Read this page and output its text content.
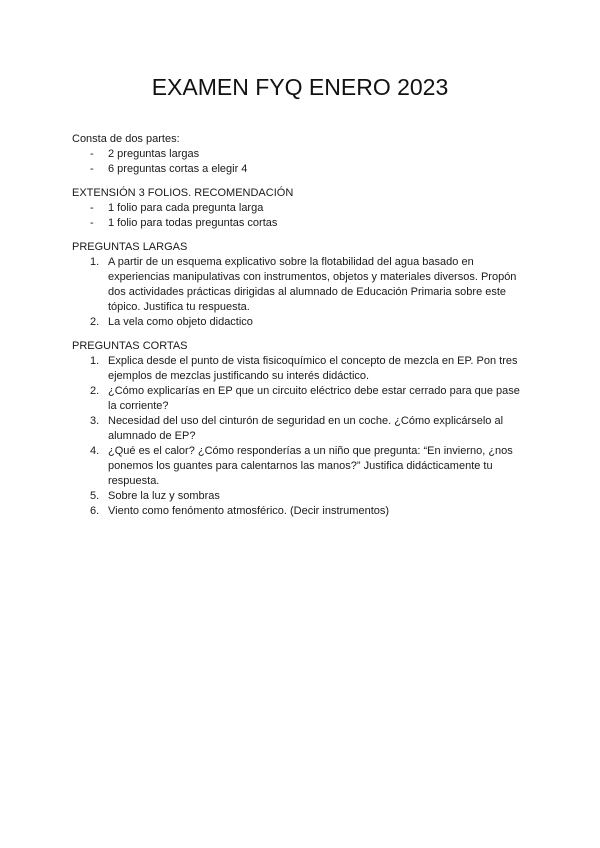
EXAMEN FYQ ENERO 2023

Consta de dos partes:

- 2 preguntas largas
- 6 preguntas cortas a elegir 4

EXTENSIÓN 3 FOLIOS. RECOMENDACIÓN

- 1 folio para cada pregunta larga
- 1 folio para todas preguntas cortas

PREGUNTAS LARGAS

1. A partir de un esquema explicativo sobre la flotabilidad del agua basado en experiencias manipulativas con instrumentos, objetos y materiales diversos. Propón dos actividades prácticas dirigidas al alumnado de Educación Primaria sobre este tópico. Justifica tu respuesta.
2. La vela como objeto didactico

PREGUNTAS CORTAS

1. Explica desde el punto de vista fisicoquímico el concepto de mezcla en EP. Pon tres ejemplos de mezclas justificando su interés didáctico.
2. ¿Cómo explicarías en EP que un circuito eléctrico debe estar cerrado para que pase la corriente?
3. Necesidad del uso del cinturón de seguridad en un coche. ¿Cómo explicárselo al alumnado de EP?
4. ¿Qué es el calor? ¿Cómo responderías a un niño que pregunta: “En invierno, ¿nos ponemos los guantes para calentarnos las manos?” Justifica didácticamente tu respuesta.
5. Sobre la luz y sombras
6. Viento como fenómento atmosférico. (Decir instrumentos)
